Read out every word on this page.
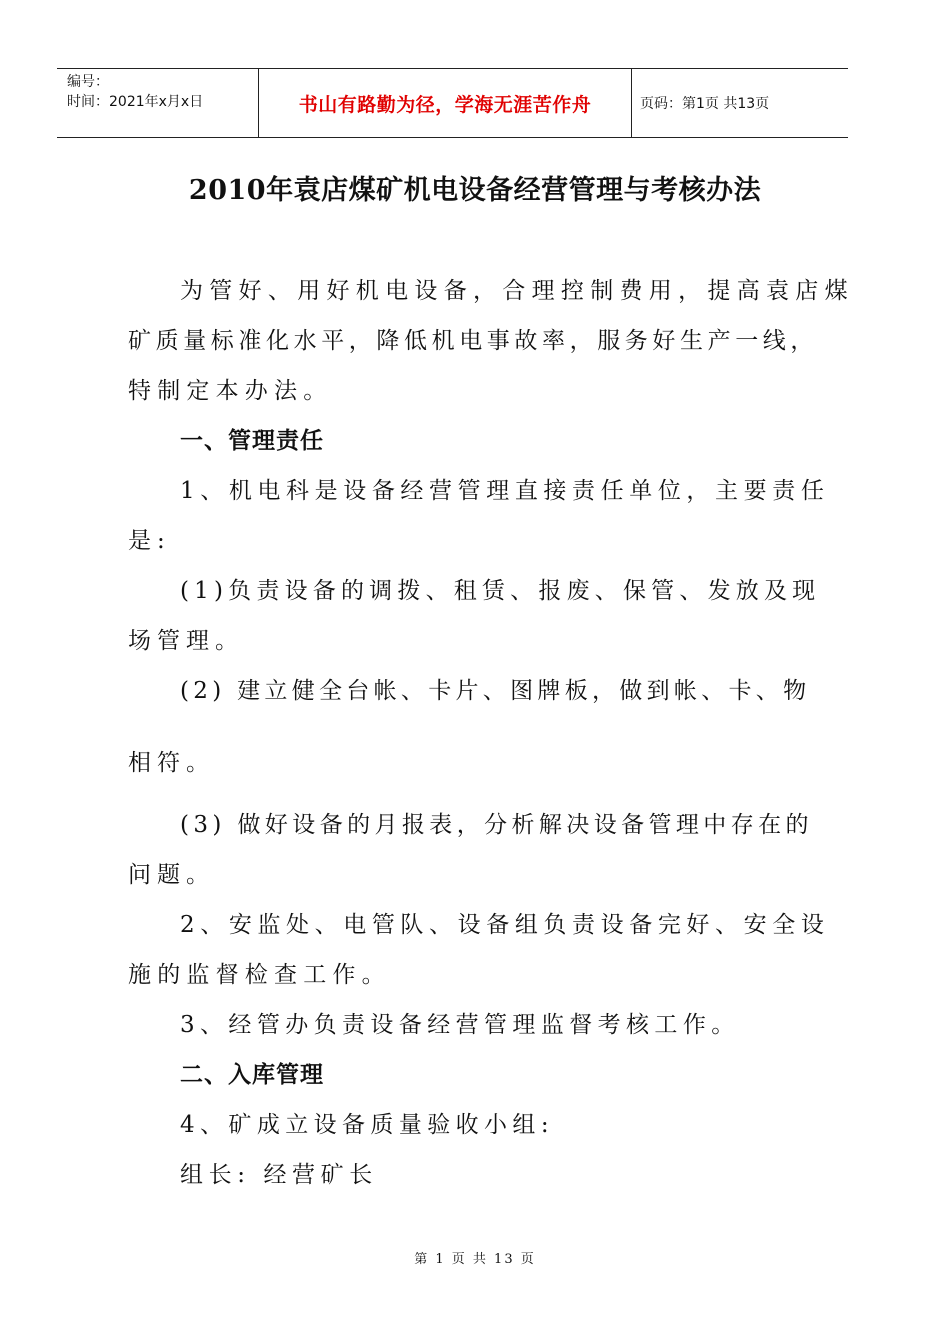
编号：
时间：2021年x月x日	书山有路勤为径，学海无涯苦作舟	页码：第1页 共13页
2010年袁店煤矿机电设备经营管理与考核办法
为管好、用好机电设备，合理控制费用，提高袁店煤
矿质量标准化水平，降低机电事故率，服务好生产一线，
特制定本办法。
一、管理责任
1、机电科是设备经营管理直接责任单位，主要责任
是:
(1)负责设备的调拨、租赁、报废、保管、发放及现
场管理。
(2) 建立健全台帐、卡片、图牌板，做到帐、卡、物
相符。
(3) 做好设备的月报表，分析解决设备管理中存在的
问题。
2、安监处、电管队、设备组负责设备完好、安全设
施的监督检查工作。
3、经管办负责设备经营管理监督考核工作。
二、入库管理
4、矿成立设备质量验收小组:
组长: 经营矿长
第 1 页 共 13 页
